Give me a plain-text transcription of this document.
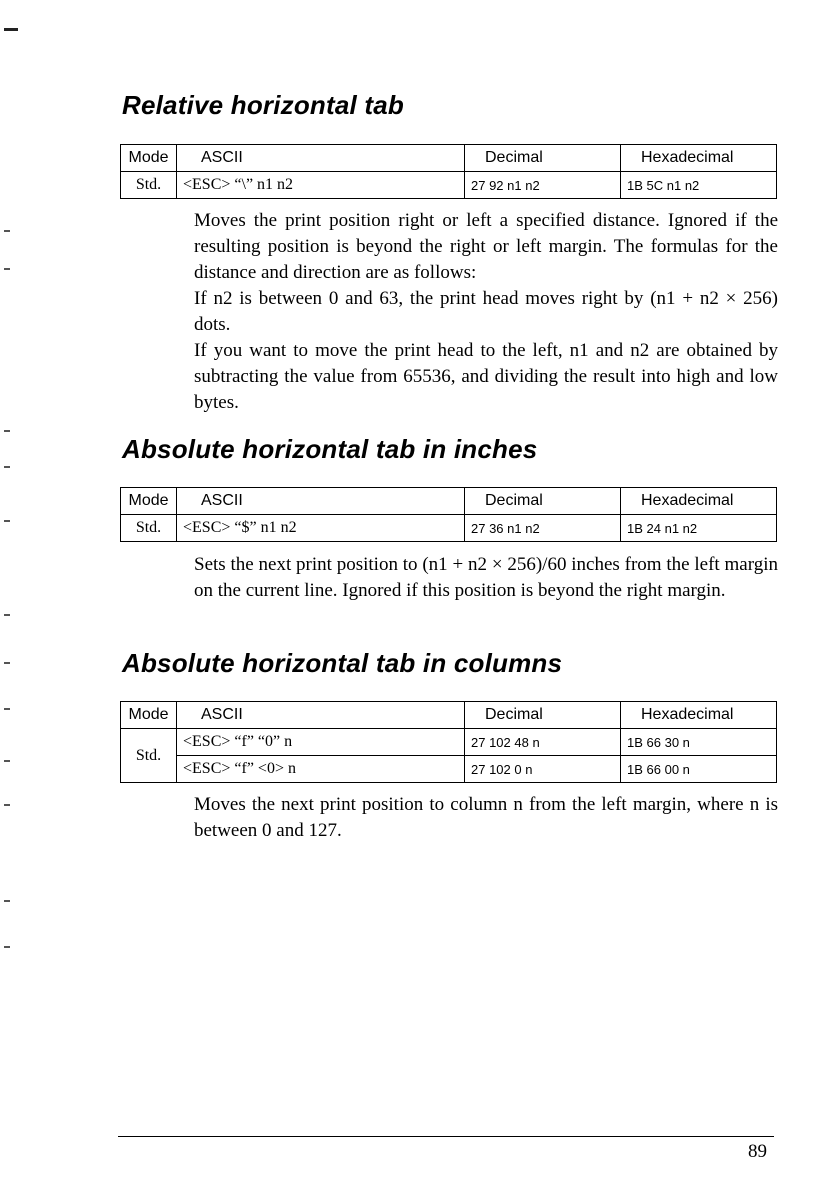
Relative horizontal tab
Mode	ASCII	Decimal	Hexadecimal
Std.	<ESC> “\” n1 n2	27 92 n1 n2	1B 5C n1 n2

Moves the print position right or left a specified distance. Ignored if the resulting position is beyond the right or left margin. The formulas for the distance and direction are as follows:

If n2 is between 0 and 63, the print head moves right by (n1 + n2 × 256) dots.

If you want to move the print head to the left, n1 and n2 are obtained by subtracting the value from 65536, and dividing the result into high and low bytes.

Absolute horizontal tab in inches
Mode	ASCII	Decimal	Hexadecimal
Std.	<ESC> “$” n1 n2	27 36 n1 n2	1B 24 n1 n2

Sets the next print position to (n1 + n2 × 256)/60 inches from the left margin on the current line. Ignored if this position is beyond the right margin.

Absolute horizontal tab in columns
Mode	ASCII	Decimal	Hexadecimal
Std.	<ESC> “f” “0” n	27 102 48 n	1B 66 30 n
	<ESC> “f” <0> n	27 102 0 n	1B 66 00 n

Moves the next print position to column n from the left margin, where n is between 0 and 127.

89
